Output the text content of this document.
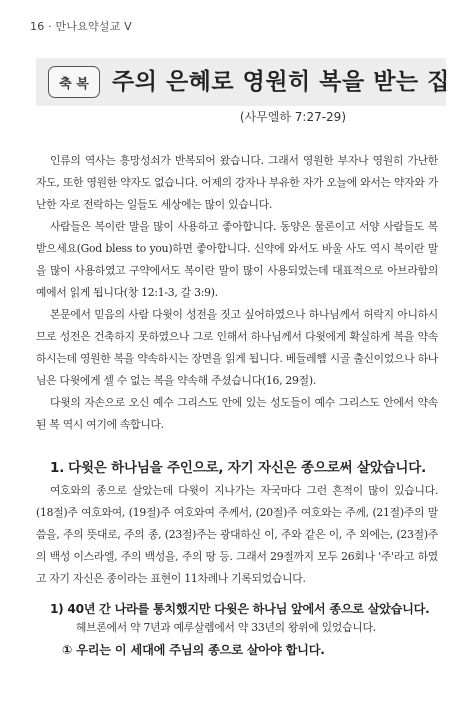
16 · 만나요약설교 V
축 복	주의 은혜로 영원히 복을 받는 집
(사무엘하 7:27-29)

인류의 역사는 흥망성쇠가 반복되어 왔습니다. 그래서 영원한 부자나 영원히 가난한 자도, 또한 영원한 약자도 없습니다. 어제의 강자나 부유한 자가 오늘에 와서는 약자와 가난한 자로 전락하는 일들도 세상에는 많이 있습니다.

사람들은 복이란 말을 많이 사용하고 좋아합니다. 동양은 물론이고 서양 사람들도 복 받으세요(God bless to you)하면 좋아합니다. 신약에 와서도 바울 사도 역시 복이란 말을 많이 사용하였고 구약에서도 복이란 말이 많이 사용되었는데 대표적으로 아브라함의 예에서 읽게 됩니다(창 12:1-3, 갈 3:9).

본문에서 믿음의 사람 다윗이 성전을 짓고 싶어하였으나 하나님께서 허락지 아니하시므로 성전은 건축하지 못하였으나 그로 인해서 하나님께서 다윗에게 확실하게 복을 약속하시는데 영원한 복을 약속하시는 장면을 읽게 됩니다. 베들레헴 시골 출신이었으나 하나님은 다윗에게 셀 수 없는 복을 약속해 주셨습니다(16, 29절).

다윗의 자손으로 오신 예수 그리스도 안에 있는 성도들이 예수 그리스도 안에서 약속된 복 역시 여기에 속합니다.

1. 다윗은 하나님을 주인으로, 자기 자신은 종으로써 살았습니다.

여호와의 종으로 살았는데 다윗이 지나가는 자국마다 그런 흔적이 많이 있습니다. (18절)주 여호와여, (19절)주 여호와여 주께서, (20절)주 여호와는 주께, (21절)주의 말씀을, 주의 뜻대로, 주의 종, (23절)주는 광대하신 이, 주와 같은 이, 주 외에는, (23절)주의 백성 이스라엘, 주의 백성을, 주의 땅 등. 그래서 29절까지 모두 26회나 '주'라고 하였고 자기 자신은 종이라는 표현이 11차례나 기록되었습니다.

1) 40년 간 나라를 통치했지만 다윗은 하나님 앞에서 종으로 살았습니다.

헤브론에서 약 7년과 예루살렘에서 약 33년의 왕위에 있었습니다.

① 우리는 이 세대에 주님의 종으로 살아야 합니다.
